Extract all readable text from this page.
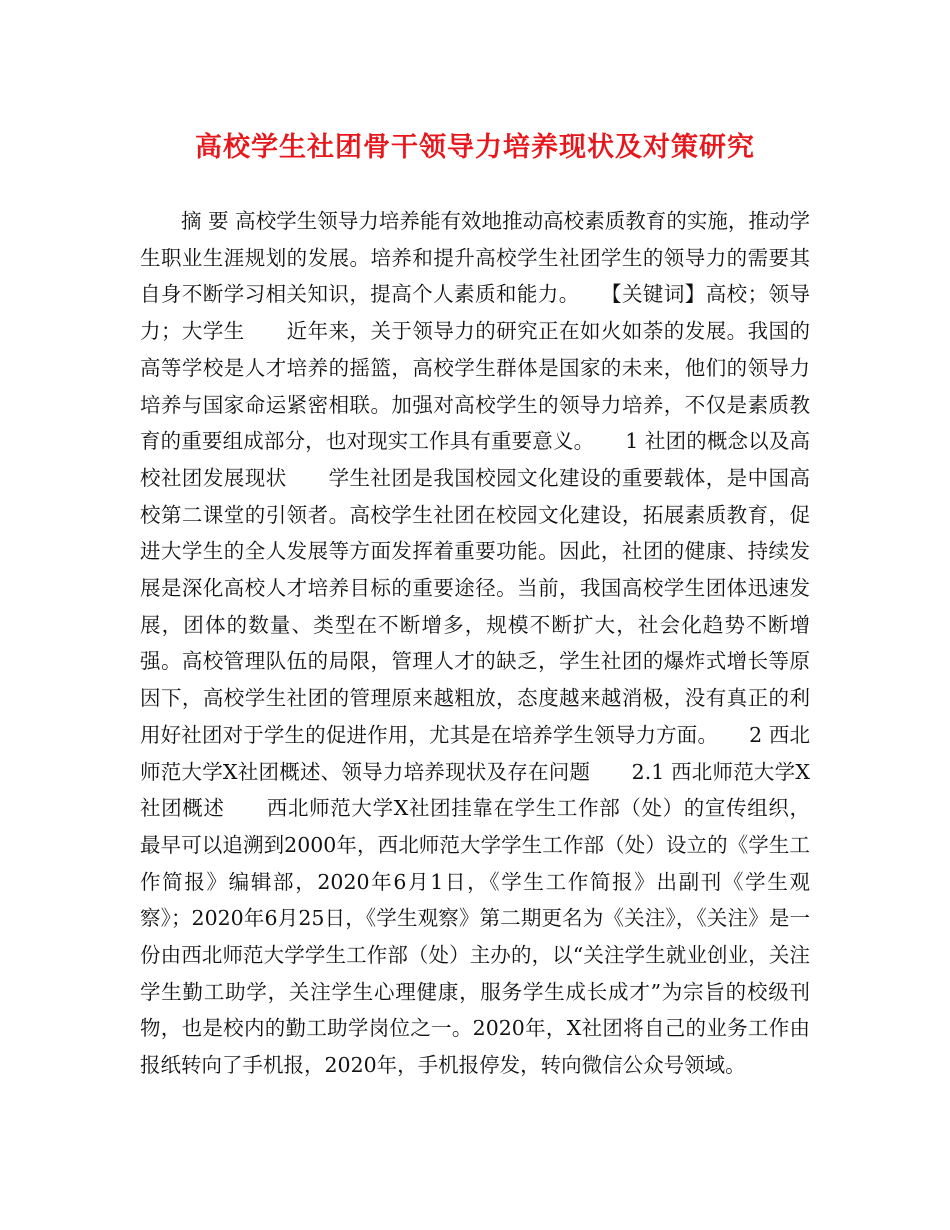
高校学生社团骨干领导力培养现状及对策研究

摘 要 高校学生领导力培养能有效地推动高校素质教育的实施，推动学生职业生涯规划的发展。培养和提升高校学生社团学生的领导力的需要其自身不断学习相关知识，提高个人素质和能力。　　【关键词】高校；领导力；大学生　　近年来，关于领导力的研究正在如火如荼的发展。我国的高等学校是人才培养的摇篮，高校学生群体是国家的未来，他们的领导力培养与国家命运紧密相联。加强对高校学生的领导力培养，不仅是素质教育的重要组成部分，也对现实工作具有重要意义。　　1 社团的概念以及高校社团发展现状　　学生社团是我国校园文化建设的重要载体，是中国高校第二课堂的引领者。高校学生社团在校园文化建设，拓展素质教育，促进大学生的全人发展等方面发挥着重要功能。因此，社团的健康、持续发展是深化高校人才培养目标的重要途径。当前，我国高校学生团体迅速发展，团体的数量、类型在不断增多，规模不断扩大，社会化趋势不断增强。高校管理队伍的局限，管理人才的缺乏，学生社团的爆炸式增长等原因下，高校学生社团的管理原来越粗放，态度越来越消极，没有真正的利用好社团对于学生的促进作用，尤其是在培养学生领导力方面。　　2 西北师范大学X社团概述、领导力培养现状及存在问题　　2.1 西北师范大学X社团概述　　西北师范大学X社团挂靠在学生工作部（处）的宣传组织，最早可以追溯到2000年，西北师范大学学生工作部（处）设立的《学生工作简报》编辑部，2020年6月1日，《学生工作简报》出副刊《学生观察》；2020年6月25日，《学生观察》第二期更名为《关注》，《关注》是一份由西北师范大学学生工作部（处）主办的，以“关注学生就业创业，关注学生勤工助学，关注学生心理健康，服务学生成长成才”为宗旨的校级刊物，也是校内的勤工助学岗位之一。2020年，X社团将自己的业务工作由报纸转向了手机报，2020年，手机报停发，转向微信公众号领域。
